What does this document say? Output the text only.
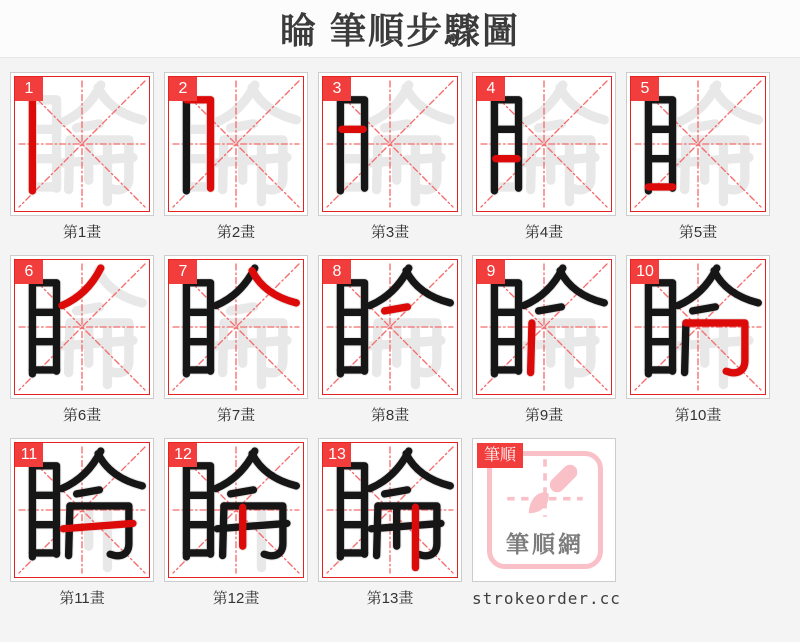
睔 筆順步驟圖
1
第1畫
2
第2畫
3
第3畫
4
第4畫
5
第5畫
6
第6畫
7
第7畫
8
第8畫
9
第9畫
10
第10畫
11
第11畫
12
第12畫
13
第13畫
筆順
筆順網
strokeorder.cc
